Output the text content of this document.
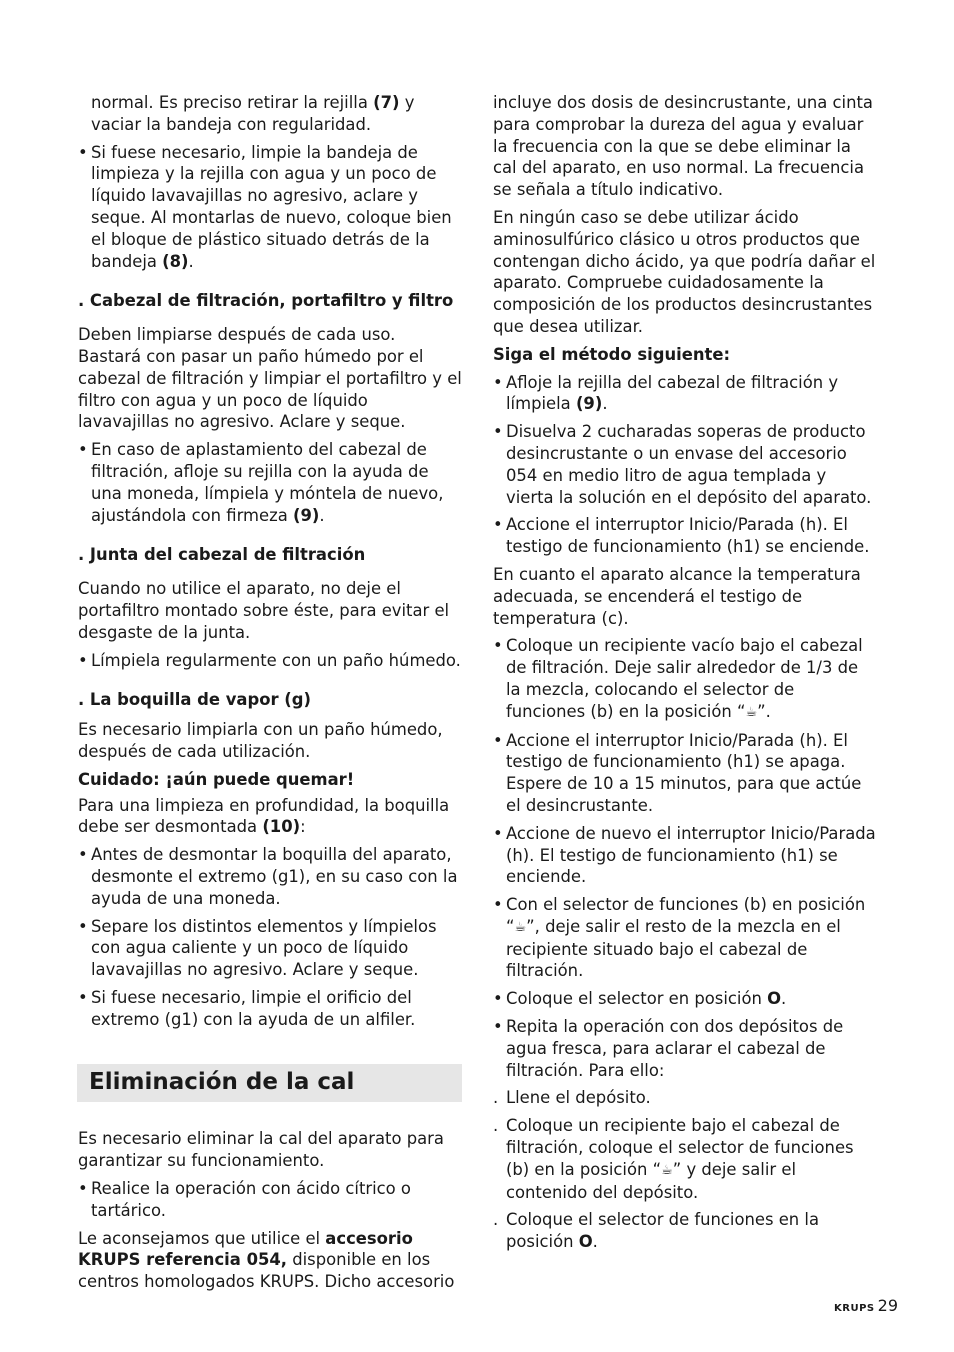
normal. Es preciso retirar la rejilla (7) y vaciar la bandeja con regularidad.

• Si fuese necesario, limpie la bandeja de limpieza y la rejilla con agua y un poco de líquido lavavajillas no agresivo, aclare y seque. Al montarlas de nuevo, coloque bien el bloque de plástico situado detrás de la bandeja (8).

. Cabezal de filtración, portafiltro y filtro

Deben limpiarse después de cada uso. Bastará con pasar un paño húmedo por el cabezal de filtración y limpiar el portafiltro y el filtro con agua y un poco de líquido lavavajillas no agresivo. Aclare y seque.

• En caso de aplastamiento del cabezal de filtración, afloje su rejilla con la ayuda de una moneda, límpiela y móntela de nuevo, ajustándola con firmeza (9).

. Junta del cabezal de filtración

Cuando no utilice el aparato, no deje el portafiltro montado sobre éste, para evitar el desgaste de la junta.

• Límpiela regularmente con un paño húmedo.

. La boquilla de vapor (g)

Es necesario limpiarla con un paño húmedo, después de cada utilización.

Cuidado: ¡aún puede quemar!

Para una limpieza en profundidad, la boquilla debe ser desmontada (10):

• Antes de desmontar la boquilla del aparato, desmonte el extremo (g1), en su caso con la ayuda de una moneda.

• Separe los distintos elementos y límpielos con agua caliente y un poco de líquido lavavajillas no agresivo. Aclare y seque.

• Si fuese necesario, limpie el orificio del extremo (g1) con la ayuda de un alfiler.

Eliminación de la cal

Es necesario eliminar la cal del aparato para garantizar su funcionamiento.

• Realice la operación con ácido cítrico o tartárico.

Le aconsejamos que utilice el accesorio KRUPS referencia 054, disponible en los centros homologados KRUPS. Dicho accesorio

incluye dos dosis de desincrustante, una cinta para comprobar la dureza del agua y evaluar la frecuencia con la que se debe eliminar la cal del aparato, en uso normal. La frecuencia se señala a título indicativo.

En ningún caso se debe utilizar ácido aminosulfúrico clásico u otros productos que contengan dicho ácido, ya que podría dañar el aparato. Compruebe cuidadosamente la composición de los productos desincrustantes que desea utilizar.

Siga el método siguiente:

• Afloje la rejilla del cabezal de filtración y límpiela (9).

• Disuelva 2 cucharadas soperas de producto desincrustante o un envase del accesorio 054 en medio litro de agua templada y vierta la solución en el depósito del aparato.

• Accione el interruptor Inicio/Parada (h). El testigo de funcionamiento (h1) se enciende.

En cuanto el aparato alcance la temperatura adecuada, se encenderá el testigo de temperatura (c).

• Coloque un recipiente vacío bajo el cabezal de filtración. Deje salir alrededor de 1/3 de la mezcla, colocando el selector de funciones (b) en la posición “☕”.

• Accione el interruptor Inicio/Parada (h). El testigo de funcionamiento (h1) se apaga. Espere de 10 a 15 minutos, para que actúe el desincrustante.

• Accione de nuevo el interruptor Inicio/Parada (h). El testigo de funcionamiento (h1) se enciende.

• Con el selector de funciones (b) en posición “☕”, deje salir el resto de la mezcla en el recipiente situado bajo el cabezal de filtración.

• Coloque el selector en posición O.

• Repita la operación con dos depósitos de agua fresca, para aclarar el cabezal de filtración. Para ello:

. Llene el depósito.

. Coloque un recipiente bajo el cabezal de filtración, coloque el selector de funciones (b) en la posición “☕” y deje salir el contenido del depósito.

. Coloque el selector de funciones en la posición O.

KRUPS 29
